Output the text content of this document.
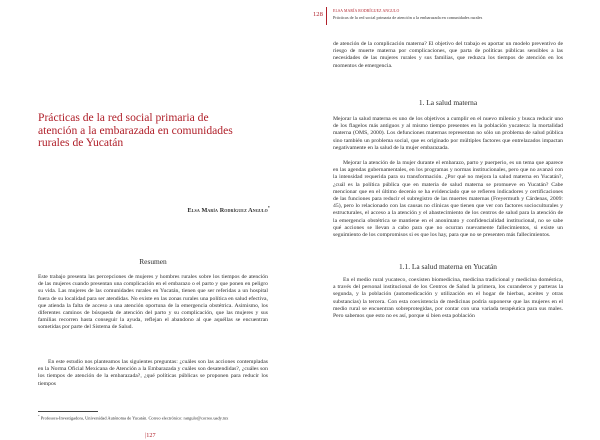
Prácticas de la red social primaria de atención a la embarazada en comunidades rurales de Yucatán
Elsa María Rodríguez Angulo*
Resumen

Este trabajo presenta las percepciones de mujeres y hombres rurales sobre los tiempos de atención de las mujeres cuando presentan una complicación en el embarazo o el parto y que ponen en peligro su vida. Las mujeres de las comunidades rurales en Yucatán, tienen que ser referidas a un hospital fuera de su localidad para ser atendidas. No existe en las zonas rurales una política en salud efectiva, que atienda la falta de acceso a una atención oportuna de la emergencia obstétrica. Asimismo, los diferentes caminos de búsqueda de atención del parto y su complicación, que las mujeres y sus familias recorren hasta conseguir la ayuda, reflejan el abandono al que aquéllas se encuentran sometidas por parte del Sistema de Salud.

En este estudio nos planteamos las siguientes preguntas: ¿cuáles son las acciones contempladas en la Norma Oficial Mexicana de Atención a la Embarazada y cuáles son desatendidas?, ¿cuáles son los tiempos de atención de la embarazada?, ¿qué políticas públicas se proponen para reducir los tiempos

* Profesora-Investigadora, Universidad Autónoma de Yucatán. Correo electrónico: rangulo@correo.uady.mx
|127
128	ELSA MARÍA RODRÍGUEZ ANGULO
Prácticas de la red social primaria de atención a la embarazada en comunidades rurales

de atención de la complicación materna? El objetivo del trabajo es aportar un modelo preventivo de riesgo de muerte materna por complicaciones, que parta de políticas públicas sensibles a las necesidades de las mujeres rurales y sus familias, que reduzca los tiempos de atención en los momentos de emergencia.

1. La salud materna

Mejorar la salud materna es uno de los objetivos a cumplir en el nuevo milenio y busca reducir uno de los flagelos más antiguos y al mismo tiempo presentes en la población yucateca: la mortalidad materna (OMS, 2000). Los defunciones maternas representan no sólo un problema de salud pública sino también un problema social, que es originado por múltiples factores que entrelazados impactan negativamente en la salud de la mujer embarazada.

Mejorar la atención de la mujer durante el embarazo, parto y puerperio, es un tema que aparece en las agendas gubernamentales, en los programas y normas institucionales, pero que no avanzó con la intensidad requerida para su transformación. ¿Por qué no mejora la salud materna en Yucatán?, ¿cuál es la política pública que en materia de salud materna se promueve en Yucatán? Cabe mencionar que en el último decenio se ha evidenciado que se refieren indicadores y certificaciones de las funciones para reducir el subregistro de las muertes maternas (Freyermuth y Cárdenas, 2009: 45), pero lo relacionado con las causas no clínicas que tienen que ver con factores socioculturales y estructurales, el acceso a la atención y el abastecimiento de los centros de salud para la atención de la emergencia obstétrica se mantiene en el anonimato y confidencialidad institucional, no se sabe qué acciones se llevan a cabo para que no ocurran nuevamente fallecimientos, si existe un seguimiento de los compromisos si es que los hay, para que no se presenten más fallecimientos.

1.1. La salud materna en Yucatán

En el medio rural yucateco, coexisten biomedicina, medicina tradicional y medicina doméstica, a través del personal institucional de los Centros de Salud la primera, los curanderos y parteras la segunda, y la población (automedicación y utilización en el hogar de hierbas, aceites y otras substancias) la tercera. Con esta coexistencia de medicinas podría suponerse que las mujeres en el medio rural se encuentran sobreprotegidas, por contar con una variada terapéutica para sus males. Pero sabemos que esto no es así, porque si bien esta población
